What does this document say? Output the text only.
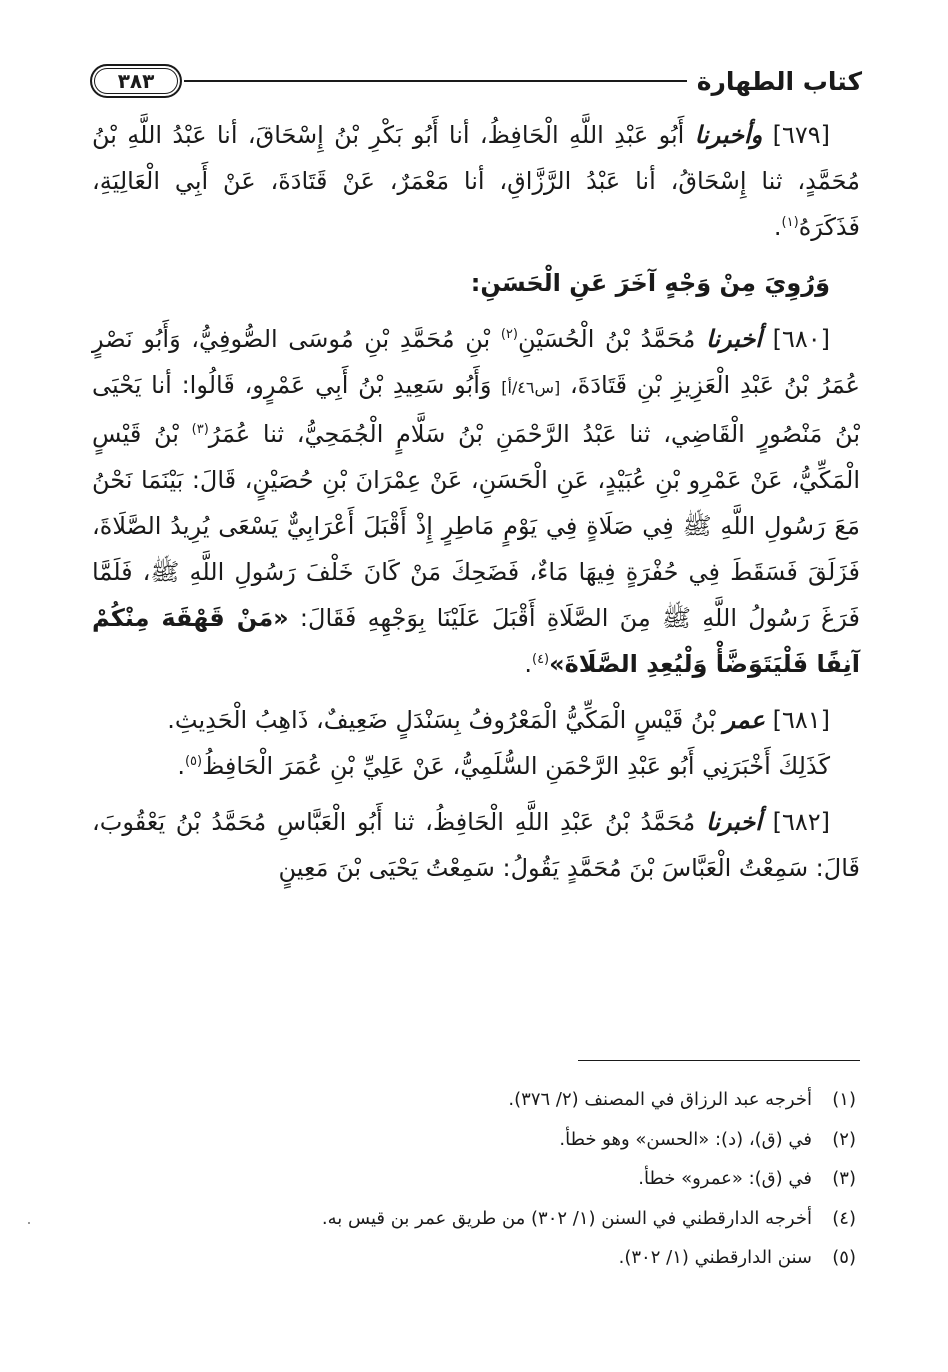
كتاب الطهارة
٣٨٣

[٦٧٩] وأخبرنا أَبُو عَبْدِ اللَّهِ الْحَافِظُ، أنا أَبُو بَكْرِ بْنُ إِسْحَاقَ، أنا عَبْدُ اللَّهِ بْنُ مُحَمَّدٍ، ثنا إِسْحَاقُ، أنا عَبْدُ الرَّزَّاقِ، أنا مَعْمَرٌ، عَنْ قَتَادَةَ، عَنْ أَبِي الْعَالِيَةِ، فَذَكَرَهُ$^{(١)}$.

وَرُوِيَ مِنْ وَجْهٍ آخَرَ عَنِ الْحَسَنِ:

[٦٨٠] أخبرنا مُحَمَّدُ بْنُ الْحُسَيْنِ$^{(٢)}$ بْنِ مُحَمَّدِ بْنِ مُوسَى الصُّوفِيُّ، وَأَبُو نَصْرٍ عُمَرُ بْنُ عَبْدِ الْعَزِيزِ بْنِ قَتَادَةَ، [س٤٦/أ] وَأَبُو سَعِيدِ بْنُ أَبِي عَمْرٍو، قَالُوا: أنا يَحْيَى بْنُ مَنْصُورٍ الْقَاضِي، ثنا عَبْدُ الرَّحْمَنِ بْنُ سَلَّامٍ الْجُمَحِيُّ، ثنا عُمَرُ$^{(٣)}$ بْنُ قَيْسٍ الْمَكِّيُّ، عَنْ عَمْرِو بْنِ عُبَيْدٍ، عَنِ الْحَسَنِ، عَنْ عِمْرَانَ بْنِ حُصَيْنٍ، قَالَ: بَيْنَمَا نَحْنُ مَعَ رَسُولِ اللَّهِ ﷺ فِي صَلَاةٍ فِي يَوْمٍ مَاطِرٍ إِذْ أَقْبَلَ أَعْرَابِيٌّ يَسْعَى يُرِيدُ الصَّلَاةَ، فَزَلَقَ فَسَقَطَ فِي حُفْرَةٍ فِيهَا مَاءٌ، فَضَحِكَ مَنْ كَانَ خَلْفَ رَسُولِ اللَّهِ ﷺ، فَلَمَّا فَرَغَ رَسُولُ اللَّهِ ﷺ مِنَ الصَّلَاةِ أَقْبَلَ عَلَيْنَا بِوَجْهِهِ فَقَالَ: «مَنْ قَهْقَهَ مِنْكُمْ آنِفًا فَلْيَتَوَضَّأْ وَلْيُعِدِ الصَّلَاةَ»$^{(٤)}$.

[٦٨١] عمر بْنُ قَيْسٍ الْمَكِّيُّ الْمَعْرُوفُ بِسَنْدَلٍ ضَعِيفٌ، ذَاهِبُ الْحَدِيثِ.

كَذَلِكَ أَخْبَرَنِي أَبُو عَبْدِ الرَّحْمَنِ السُّلَمِيُّ، عَنْ عَلِيِّ بْنِ عُمَرَ الْحَافِظُ$^{(٥)}$.

[٦٨٢] أخبرنا مُحَمَّدُ بْنُ عَبْدِ اللَّهِ الْحَافِظُ، ثنا أَبُو الْعَبَّاسِ مُحَمَّدُ بْنُ يَعْقُوبَ، قَالَ: سَمِعْتُ الْعَبَّاسَ بْنَ مُحَمَّدٍ يَقُولُ: سَمِعْتُ يَحْيَى بْنَ مَعِينٍ

(١)
أخرجه عبد الرزاق في المصنف (٢/ ٣٧٦).
(٢)
في (ق)، (د): «الحسن» وهو خطأ.
(٣)
في (ق): «عمرو» خطأ.
(٤)
أخرجه الدارقطني في السنن (١/ ٣٠٢) من طريق عمر بن قيس به.
(٥)
سنن الدارقطني (١/ ٣٠٢).
